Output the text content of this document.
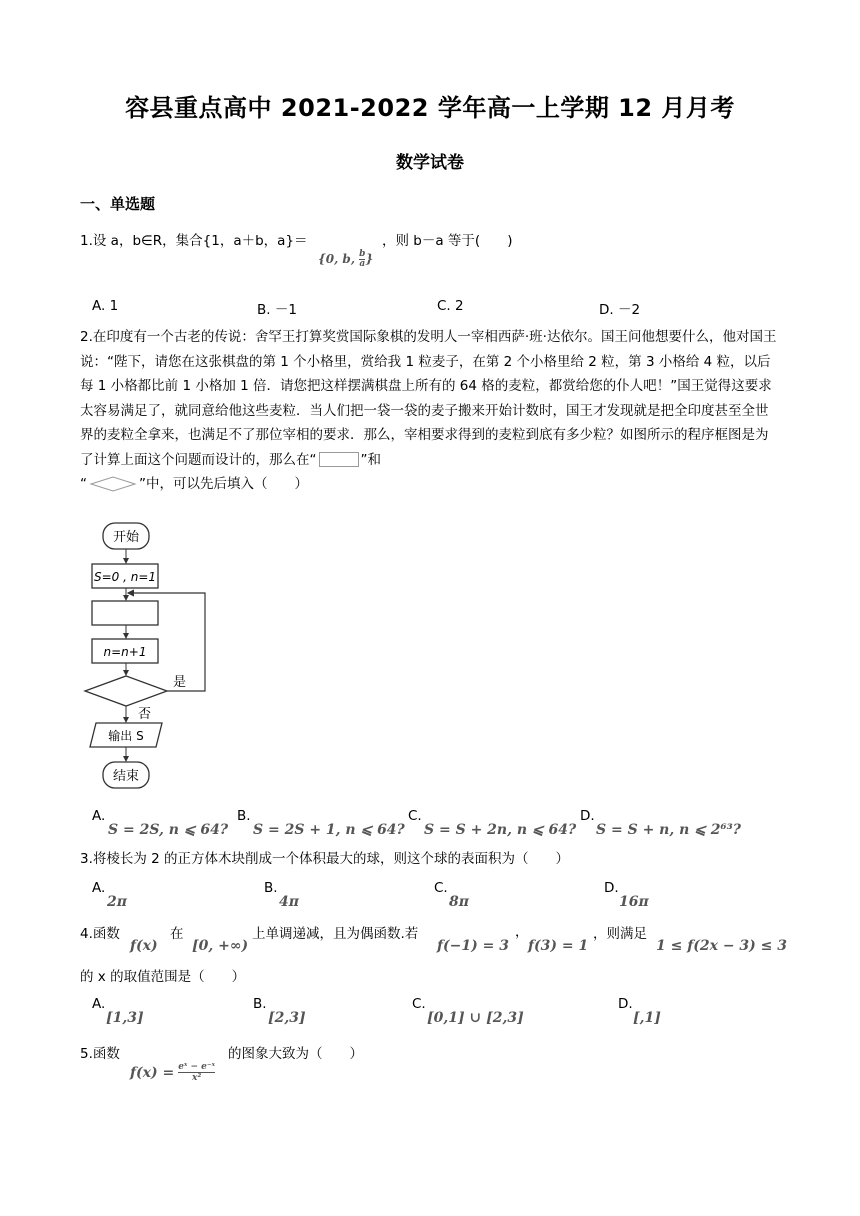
容县重点高中 2021-2022 学年高一上学期 12 月月考
数学试卷
一、单选题
1.设 a，b∈R，集合{1，a＋b，a}＝
{0, b, $\frac{b}{a}$ }
，则 b－a 等于(　　)
A. 1	B. －1	C. 2	D. －2
2.在印度有一个古老的传说：舍罕王打算奖赏国际象棋的发明人一宰相西萨·班·达依尔。国王问他想要什么，他对国王说：“陛下，请您在这张棋盘的第 1 个小格里，赏给我 1 粒麦子，在第 2 个小格里给 2 粒，第 3 小格给 4 粒，以后每 1 小格都比前 1 小格加 1 倍．请您把这样摆满棋盘上所有的 64 格的麦粒，都赏给您的仆人吧！”国王觉得这要求太容易满足了，就同意给他这些麦粒．当人们把一袋一袋的麦子搬来开始计数时，国王才发现就是把全印度甚至全世界的麦粒全拿来，也满足不了那位宰相的要求．那么，宰相要求得到的麦粒到底有多少粒？如图所示的程序框图是为了计算上面这个问题而设计的，那么在“	”和
“	”中，可以先后填入（　　）
开始
S=0 , n=1
n=n+1
是
否
输出 S
结束
A.
S = 2S, n ⩽ 64?
B.
S = 2S + 1, n ⩽ 64?
C.
S = S + 2n, n ⩽ 64?
D.
S = S + n, n ⩽ 2⁶³?
3.将棱长为 2 的正方体木块削成一个体积最大的球，则这个球的表面积为（　　）
A.
2π
B.
4π
C.
8π
D.
16π
4.函数
f(x)
在
[0, +∞)
上单调递减，且为偶函数.若
f(−1) = 3
，
f(3) = 1
，则满足
1 ≤ f(2x − 3) ≤ 3
的 x 的取值范围是（　　）
A.
[1,3]
B.
[2,3]
C.
[0,1] ∪ [2,3]
D.
[,1]
5.函数
$f(x) = \frac{\text{eˣ − e⁻ˣ}}{\text{x²}}$
的图象大致为（　　）
